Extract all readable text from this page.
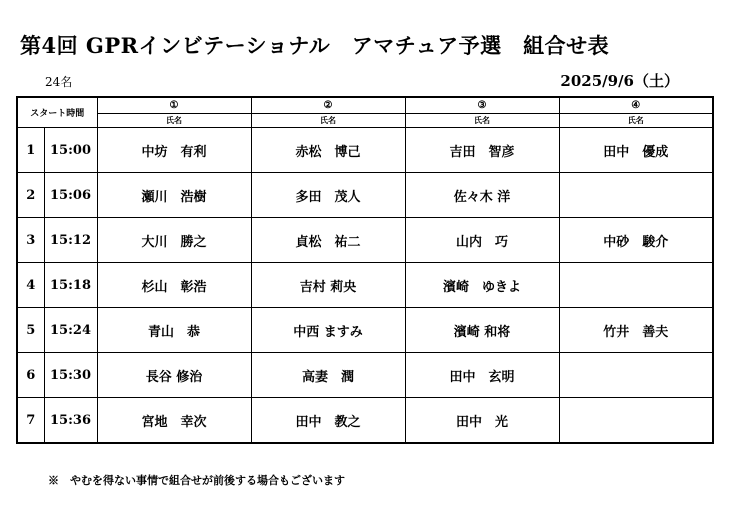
第4回 GPRインビテーショナル　アマチュア予選　組合せ表
24名	2025/9/6（土）
スタート時間		①	②	③	④
		氏名	氏名	氏名	氏名
1	15:00	中坊　有利	赤松　博己	吉田　智彦	田中　優成
2	15:06	瀬川　浩樹	多田　茂人	佐々木 洋	
3	15:12	大川　勝之	貞松　祐二	山内　巧	中砂　駿介
4	15:18	杉山　彰浩	吉村 莉央	濱崎　ゆきよ	
5	15:24	青山　恭	中西 ますみ	濱崎 和将	竹井　善夫
6	15:30	長谷 修治	高妻　潤	田中　玄明	
7	15:36	宮地　幸次	田中　教之	田中　光	
※　やむを得ない事情で組合せが前後する場合もございます
